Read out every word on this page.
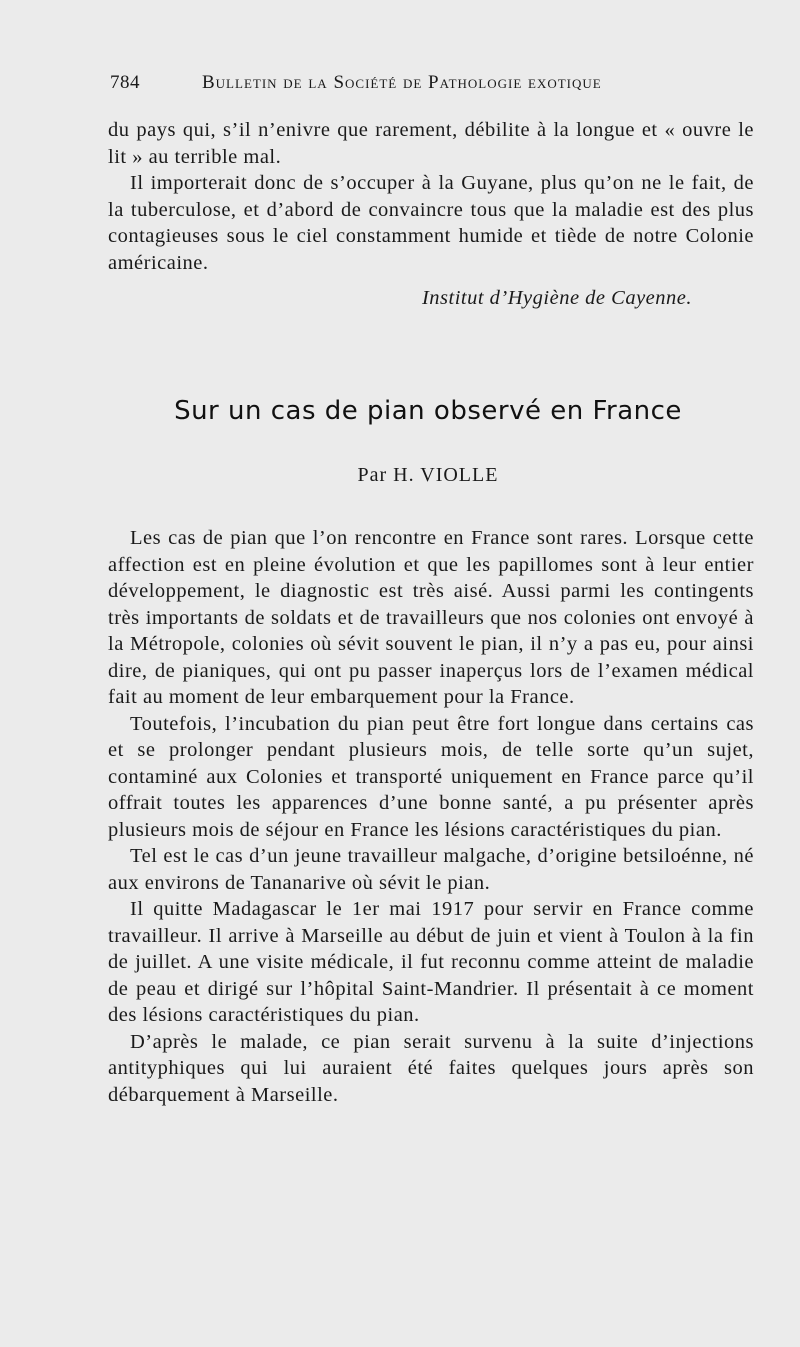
784	Bulletin de la Société de Pathologie exotique

du pays qui, s’il n’enivre que rarement, débilite à la longue et « ouvre le lit » au terrible mal.

Il importerait donc de s’occuper à la Guyane, plus qu’on ne le fait, de la tuberculose, et d’abord de convaincre tous que la maladie est des plus contagieuses sous le ciel constamment humide et tiède de notre Colonie américaine.

Institut d’Hygiène de Cayenne.
Sur un cas de pian observé en France
Par H. VIOLLE

Les cas de pian que l’on rencontre en France sont rares. Lorsque cette affection est en pleine évolution et que les papillomes sont à leur entier développement, le diagnostic est très aisé. Aussi parmi les contingents très importants de soldats et de travailleurs que nos colonies ont envoyé à la Métropole, colonies où sévit souvent le pian, il n’y a pas eu, pour ainsi dire, de pianiques, qui ont pu passer inaperçus lors de l’examen médical fait au moment de leur embarquement pour la France.

Toutefois, l’incubation du pian peut être fort longue dans certains cas et se prolonger pendant plusieurs mois, de telle sorte qu’un sujet, contaminé aux Colonies et transporté uniquement en France parce qu’il offrait toutes les apparences d’une bonne santé, a pu présenter après plusieurs mois de séjour en France les lésions caractéristiques du pian.

Tel est le cas d’un jeune travailleur malgache, d’origine betsiloénne, né aux environs de Tananarive où sévit le pian.

Il quitte Madagascar le 1er mai 1917 pour servir en France comme travailleur. Il arrive à Marseille au début de juin et vient à Toulon à la fin de juillet. A une visite médicale, il fut reconnu comme atteint de maladie de peau et dirigé sur l’hôpital Saint-Mandrier. Il présentait à ce moment des lésions caractéristiques du pian.

D’après le malade, ce pian serait survenu à la suite d’injections antityphiques qui lui auraient été faites quelques jours après son débarquement à Marseille.
